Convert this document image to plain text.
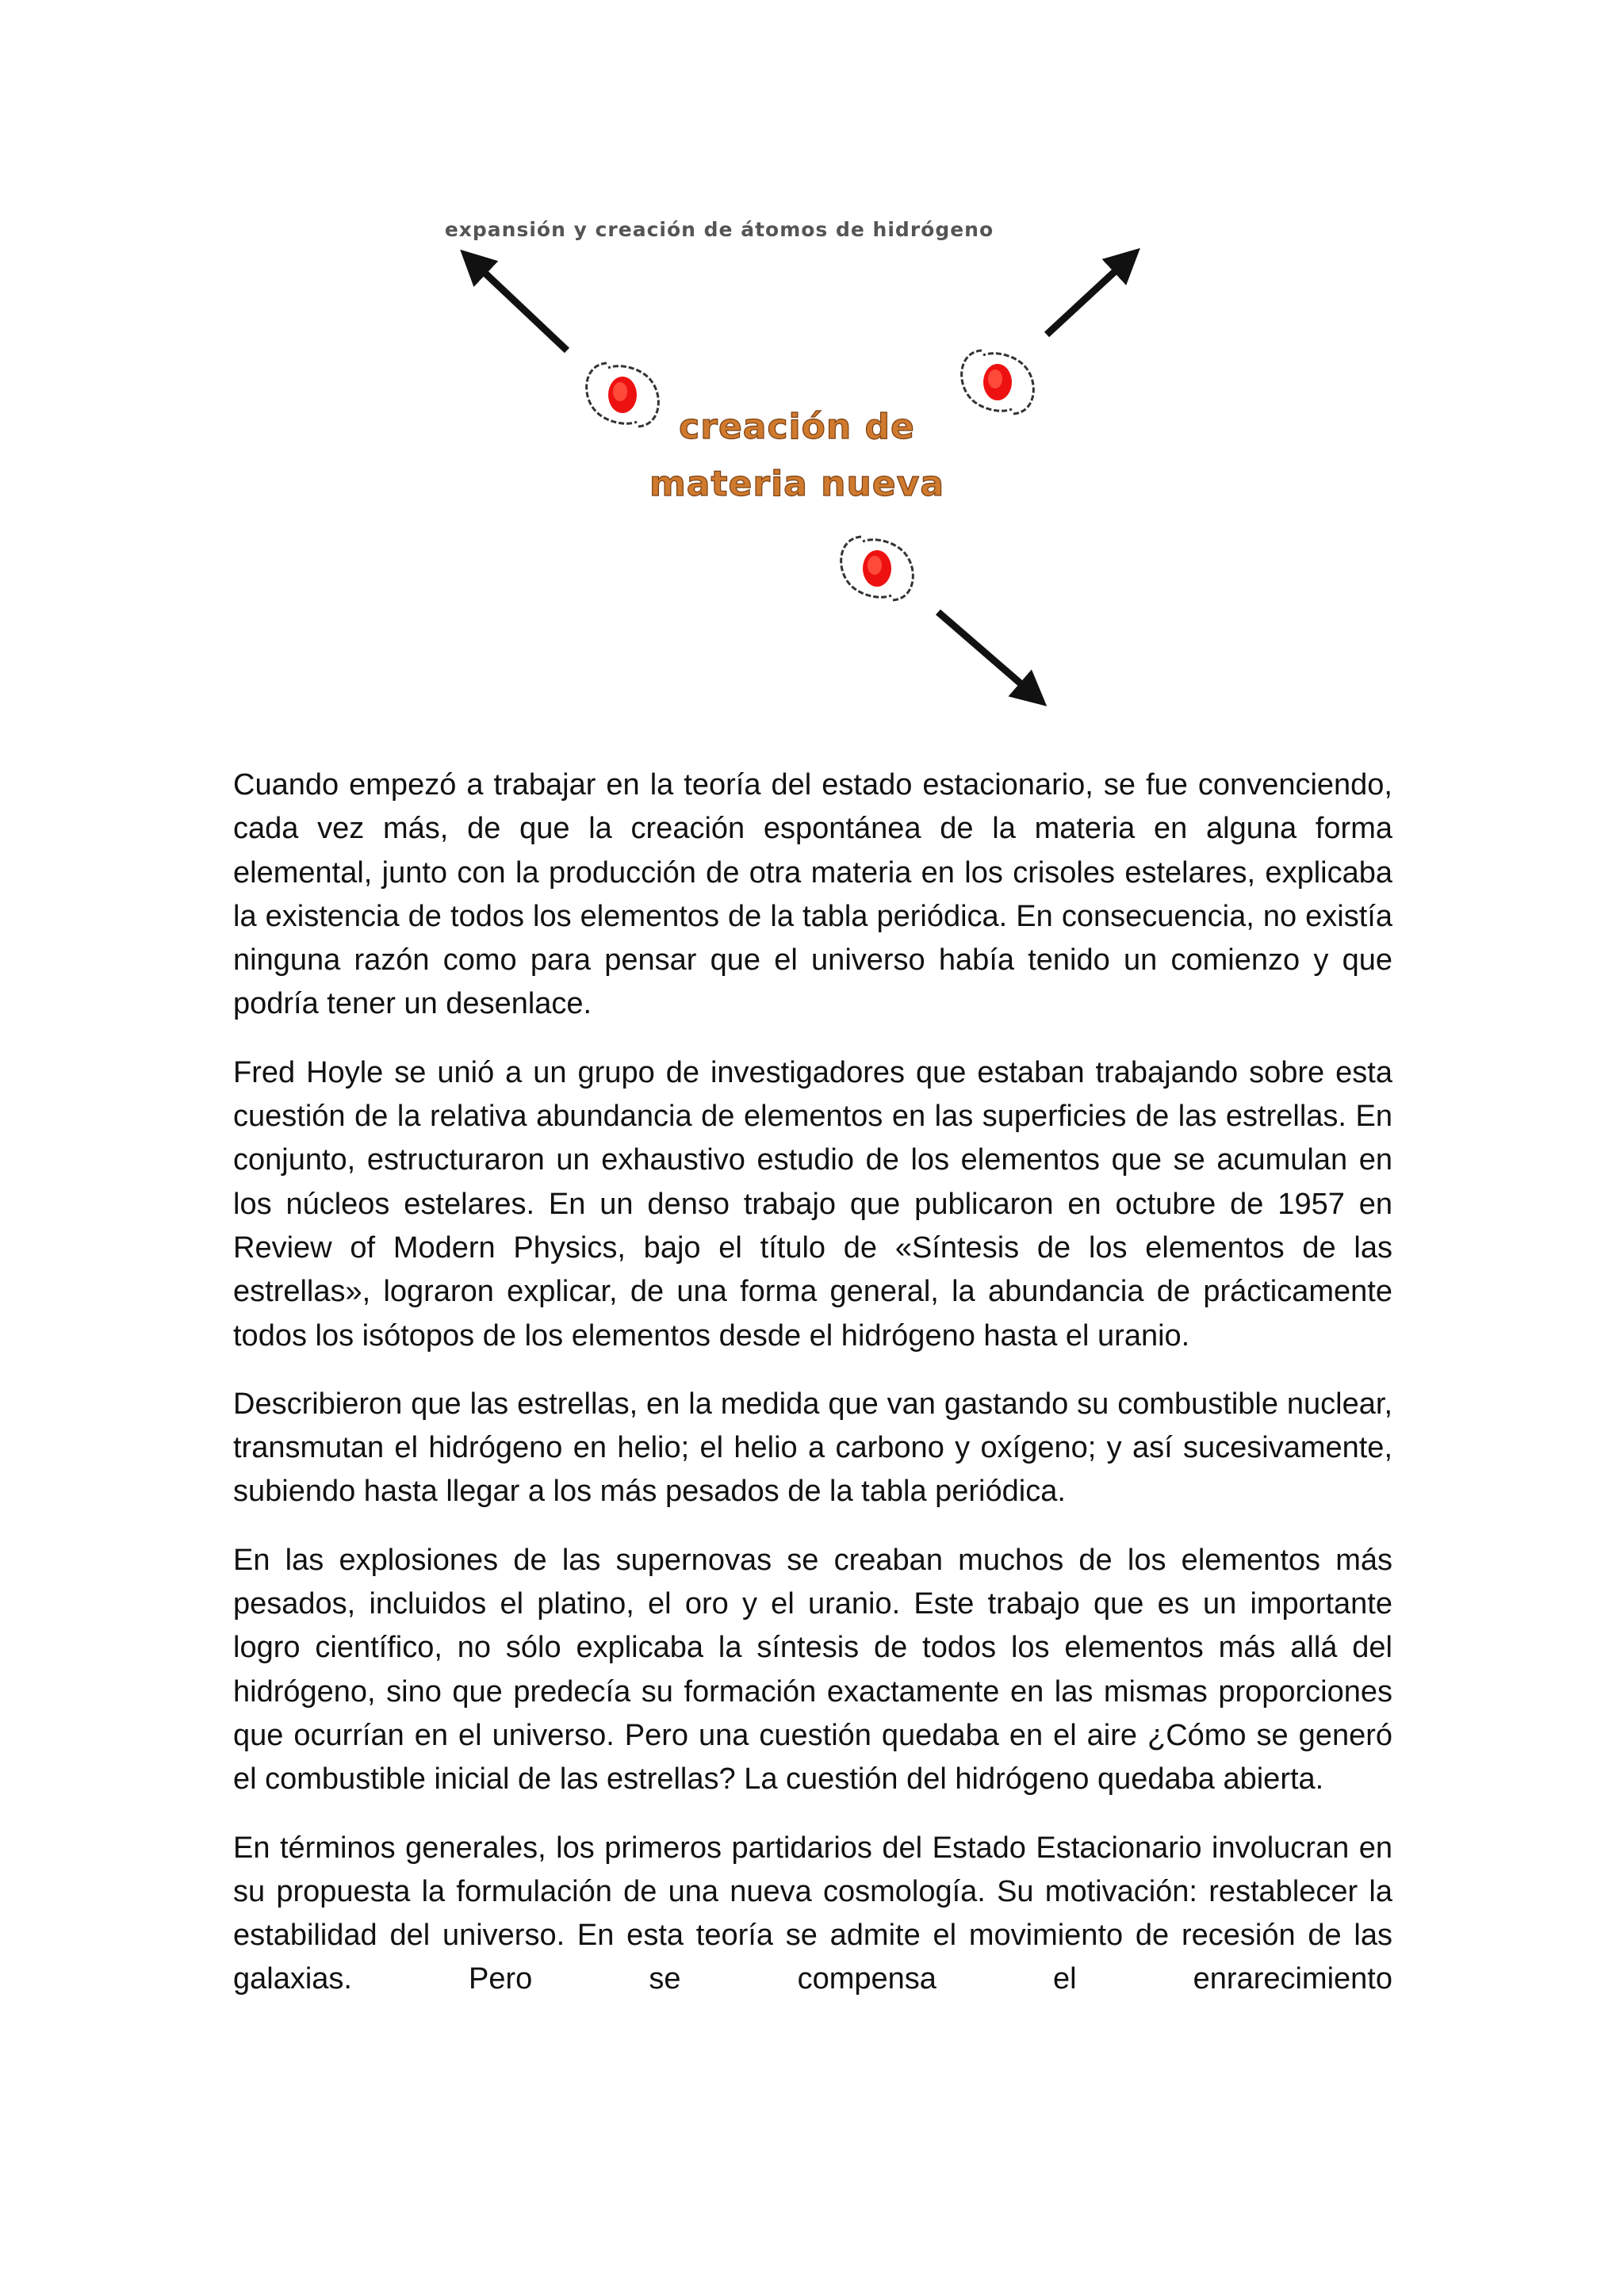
expansión y creación de átomos de hidrógeno
creación de
materia nueva

Cuando empezó a trabajar en la teoría del estado estacionario, se fue convenciendo, cada vez más, de que la creación espontánea de la materia en alguna forma elemental, junto con la producción de otra materia en los crisoles estelares, explicaba la existencia de todos los elementos de la tabla periódica. En consecuencia, no existía ninguna razón como para pensar que el universo había tenido un comienzo y que podría tener un desenlace.

Fred Hoyle se unió a un grupo de investigadores que estaban trabajando sobre esta cuestión de la relativa abundancia de elementos en las superficies de las estrellas. En conjunto, estructuraron un exhaustivo estudio de los elementos que se acumulan en los núcleos estelares. En un denso trabajo que publicaron en octubre de 1957 en Review of Modern Physics, bajo el título de «Síntesis de los elementos de las estrellas», lograron explicar, de una forma general, la abundancia de prácticamente todos los isótopos de los elementos desde el hidrógeno hasta el uranio.

Describieron que las estrellas, en la medida que van gastando su combustible nuclear, transmutan el hidrógeno en helio; el helio a carbono y oxígeno; y así sucesivamente, subiendo hasta llegar a los más pesados de la tabla periódica.

En las explosiones de las supernovas se creaban muchos de los elementos más pesados, incluidos el platino, el oro y el uranio. Este trabajo que es un importante logro científico, no sólo explicaba la síntesis de todos los elementos más allá del hidrógeno, sino que predecía su formación exactamente en las mismas proporciones que ocurrían en el universo. Pero una cuestión quedaba en el aire ¿Cómo se generó el combustible inicial de las estrellas? La cuestión del hidrógeno quedaba abierta.

En términos generales, los primeros partidarios del Estado Estacionario involucran en su propuesta la formulación de una nueva cosmología. Su motivación: restablecer la estabilidad del universo. En esta teoría se admite el movimiento de recesión de las galaxias. Pero se compensa el enrarecimiento
